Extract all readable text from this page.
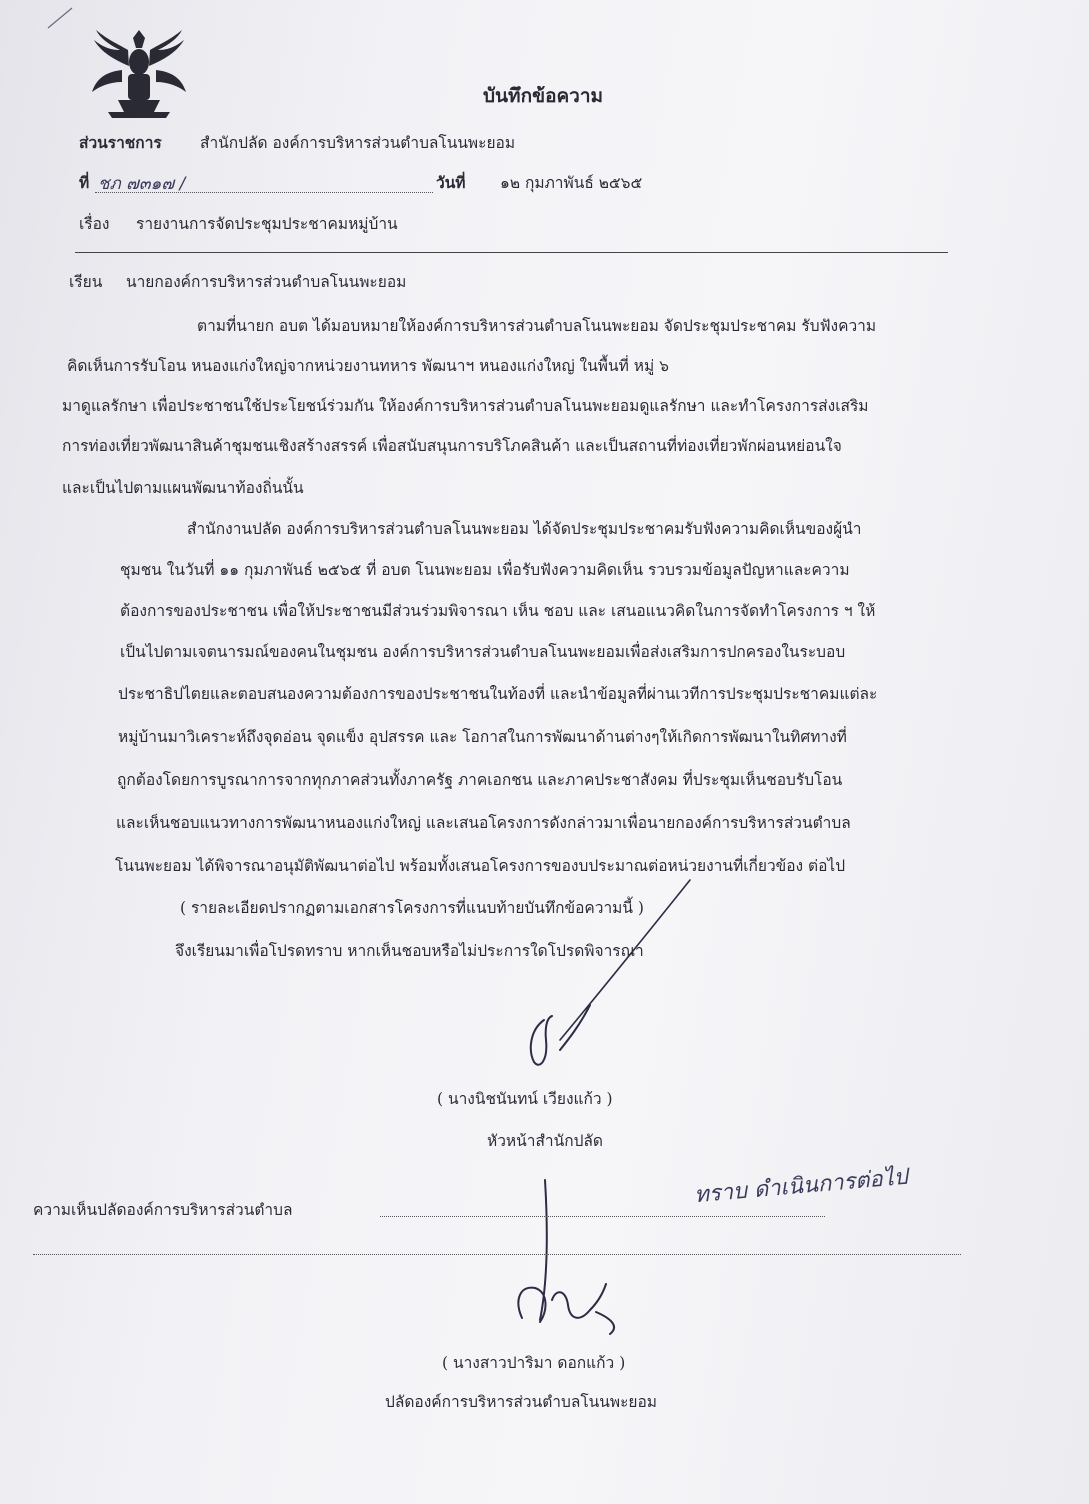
บันทึกข้อความ
ส่วนราชการ สำนักปลัด องค์การบริหารส่วนตำบลโนนพะยอม
ที่ ชภ ๗๓๑๗ /	วันที่ ๑๒ กุมภาพันธ์ ๒๕๖๕
เรื่อง รายงานการจัดประชุมประชาคมหมู่บ้าน
เรียน นายกองค์การบริหารส่วนตำบลโนนพะยอม
ตามที่นายก อบต ได้มอบหมายให้องค์การบริหารส่วนตำบลโนนพะยอม จัดประชุมประชาคม รับฟังความ
คิดเห็นการรับโอน หนองแก่งใหญ่จากหน่วยงานทหาร พัฒนาฯ หนองแก่งใหญ่ ในพื้นที่ หมู่ ๖
มาดูแลรักษา เพื่อประชาชนใช้ประโยชน์ร่วมกัน ให้องค์การบริหารส่วนตำบลโนนพะยอมดูแลรักษา และทำโครงการส่งเสริม
การท่องเที่ยวพัฒนาสินค้าชุมชนเชิงสร้างสรรค์ เพื่อสนับสนุนการบริโภคสินค้า และเป็นสถานที่ท่องเที่ยวพักผ่อนหย่อนใจ
และเป็นไปตามแผนพัฒนาท้องถิ่นนั้น
สำนักงานปลัด องค์การบริหารส่วนตำบลโนนพะยอม ได้จัดประชุมประชาคมรับฟังความคิดเห็นของผู้นำ
ชุมชน ในวันที่ ๑๑ กุมภาพันธ์ ๒๕๖๕ ที่ อบต โนนพะยอม เพื่อรับฟังความคิดเห็น รวบรวมข้อมูลปัญหาและความ
ต้องการของประชาชน เพื่อให้ประชาชนมีส่วนร่วมพิจารณา เห็น ชอบ และ เสนอแนวคิดในการจัดทำโครงการ ฯ ให้
เป็นไปตามเจตนารมณ์ของคนในชุมชน องค์การบริหารส่วนตำบลโนนพะยอมเพื่อส่งเสริมการปกครองในระบอบ
ประชาธิปไตยและตอบสนองความต้องการของประชาชนในท้องที่ และนำข้อมูลที่ผ่านเวทีการประชุมประชาคมแต่ละ
หมู่บ้านมาวิเคราะห์ถึงจุดอ่อน จุดแข็ง อุปสรรค และ โอกาสในการพัฒนาด้านต่างๆให้เกิดการพัฒนาในทิศทางที่
ถูกต้องโดยการบูรณาการจากทุกภาคส่วนทั้งภาครัฐ ภาคเอกชน และภาคประชาสังคม ที่ประชุมเห็นชอบรับโอน
และเห็นชอบแนวทางการพัฒนาหนองแก่งใหญ่ และเสนอโครงการดังกล่าวมาเพื่อนายกองค์การบริหารส่วนตำบล
โนนพะยอม ได้พิจารณาอนุมัติพัฒนาต่อไป พร้อมทั้งเสนอโครงการของบประมาณต่อหน่วยงานที่เกี่ยวข้อง ต่อไป
( รายละเอียดปรากฏตามเอกสารโครงการที่แนบท้ายบันทึกข้อความนี้ )
จึงเรียนมาเพื่อโปรดทราบ หากเห็นชอบหรือไม่ประการใดโปรดพิจารณา
( นางนิชนันทน์ เวียงแก้ว )
หัวหน้าสำนักปลัด
ความเห็นปลัดองค์การบริหารส่วนตำบล
ทราบ ดำเนินการต่อไป
( นางสาวปาริมา ดอกแก้ว )
ปลัดองค์การบริหารส่วนตำบลโนนพะยอม
